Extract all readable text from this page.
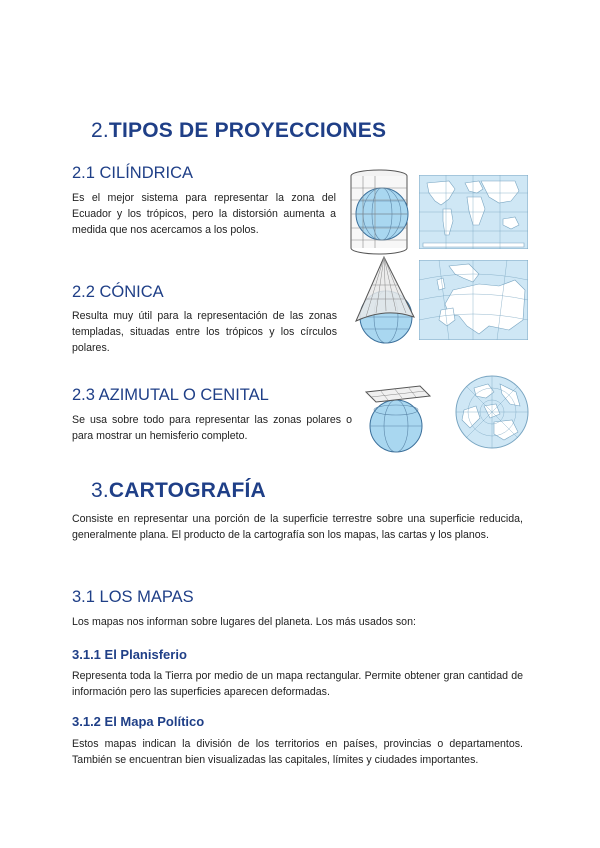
2.TIPOS DE PROYECCIONES
2.1 CILÍNDRICA
Es el mejor sistema para representar la zona del Ecuador y los trópicos, pero la distorsión aumenta a medida que nos acercamos a los polos.
2.2 CÓNICA
Resulta muy útil para la representación de las zonas templadas, situadas entre los trópicos y los círculos polares.
2.3 AZIMUTAL O CENITAL
Se usa sobre todo para representar las zonas polares o para mostrar un hemisferio completo.
3.CARTOGRAFÍA
Consiste en representar una porción de la superficie terrestre sobre una superficie reducida, generalmente plana. El producto de la cartografía son los mapas, las cartas y los planos.
3.1 LOS MAPAS
Los mapas nos informan sobre lugares del planeta. Los más usados son:
3.1.1 El Planisferio
Representa toda la Tierra por medio de un mapa rectangular. Permite obtener gran cantidad de información pero las superficies aparecen deformadas.
3.1.2 El Mapa Político
Estos mapas indican la división de los territorios en países, provincias o departamentos. También se encuentran bien visualizadas las capitales, límites y ciudades importantes.
